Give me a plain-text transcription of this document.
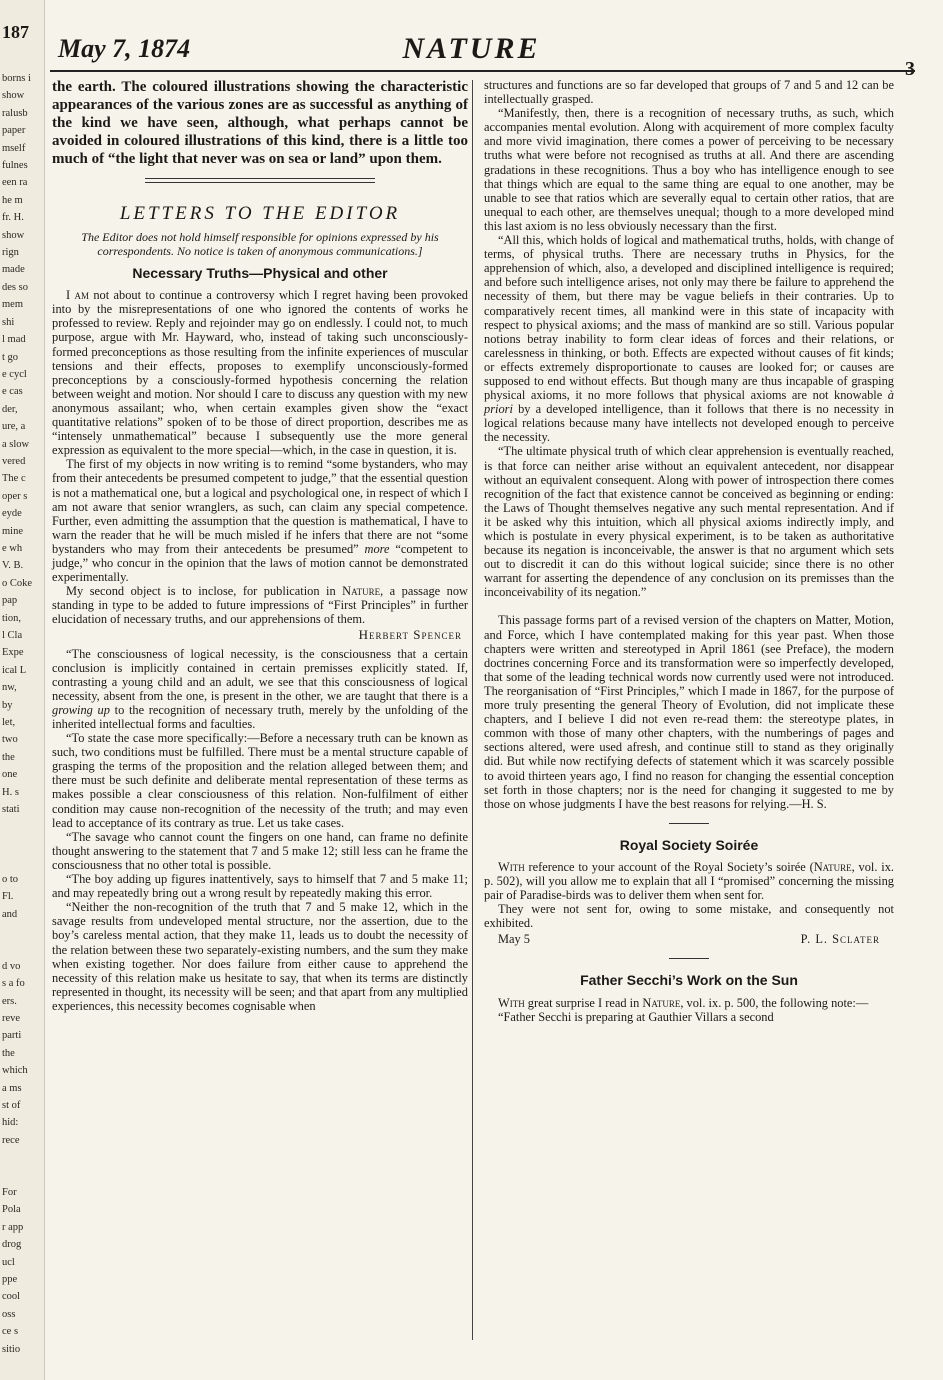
187
borns i
show
ralusb
paper
mself
fulnes
een ra
he m
fr. H.
show
rign
made
des so
mem
shi
l mad
t go
e cycl
e cas
der,
ure, a
a slow
vered
The c
oper s
eyde
mine
e wh
V. B.
o Coke
pap
tion,
l Cla
Expe
ical L
nw,
by
let,
two
the
one
H. s
stati

o to
Fl.
and

d vo
s a fo
ers.
reve
parti
the
which
a ms
st of
hid:
rece

For
Pola
r app
drog
ucl
ppe
cool
oss
ce s
sitio
May 7, 1874	NATURE
3

the earth. The coloured illustrations showing the characteristic appearances of the various zones are as successful as anything of the kind we have seen, although, what perhaps cannot be avoided in coloured illustrations of this kind, there is a little too much of “the light that never was on sea or land” upon them.

LETTERS TO THE EDITOR
The Editor does not hold himself responsible for opinions expressed by his correspondents. No notice is taken of anonymous communications.]
Necessary Truths—Physical and other

I am not about to continue a controversy which I regret having been provoked into by the misrepresentations of one who ignored the contents of works he professed to review. Reply and rejoinder may go on endlessly. I could not, to much purpose, argue with Mr. Hayward, who, instead of taking such unconsciously-formed preconceptions as those resulting from the infinite experiences of muscular tensions and their effects, proposes to exemplify unconsciously-formed preconceptions by a consciously-formed hypothesis concerning the relation between weight and motion. Nor should I care to discuss any question with my new anonymous assailant; who, when certain examples given show the “exact quantitative relations” spoken of to be those of direct proportion, describes me as “intensely unmathematical” because I subsequently use the more general expression as equivalent to the more special—which, in the case in question, it is.

The first of my objects in now writing is to remind “some bystanders, who may from their antecedents be presumed competent to judge,” that the essential question is not a mathematical one, but a logical and psychological one, in respect of which I am not aware that senior wranglers, as such, can claim any special competence. Further, even admitting the assumption that the question is mathematical, I have to warn the reader that he will be much misled if he infers that there are not “some bystanders who may from their antecedents be presumed” more “competent to judge,” who concur in the opinion that the laws of motion cannot be demonstrated experimentally.

My second object is to inclose, for publication in Nature, a passage now standing in type to be added to future impressions of “First Principles” in further elucidation of necessary truths, and our apprehensions of them.

Herbert Spencer

“The consciousness of logical necessity, is the consciousness that a certain conclusion is implicitly contained in certain premisses explicitly stated. If, contrasting a young child and an adult, we see that this consciousness of logical necessity, absent from the one, is present in the other, we are taught that there is a growing up to the recognition of necessary truth, merely by the unfolding of the inherited intellectual forms and faculties.

“To state the case more specifically:—Before a necessary truth can be known as such, two conditions must be fulfilled. There must be a mental structure capable of grasping the terms of the proposition and the relation alleged between them; and there must be such definite and deliberate mental representation of these terms as makes possible a clear consciousness of this relation. Non-fulfilment of either condition may cause non-recognition of the necessity of the truth; and may even lead to acceptance of its contrary as true. Let us take cases.

“The savage who cannot count the fingers on one hand, can frame no definite thought answering to the statement that 7 and 5 make 12; still less can he frame the consciousness that no other total is possible.

“The boy adding up figures inattentively, says to himself that 7 and 5 make 11; and may repeatedly bring out a wrong result by repeatedly making this error.

“Neither the non-recognition of the truth that 7 and 5 make 12, which in the savage results from undeveloped mental structure, nor the assertion, due to the boy’s careless mental action, that they make 11, leads us to doubt the necessity of the relation between these two separately-existing numbers, and the sum they make when existing together. Nor does failure from either cause to apprehend the necessity of this relation make us hesitate to say, that when its terms are distinctly represented in thought, its necessity will be seen; and that apart from any multiplied experiences, this necessity becomes cognisable when

structures and functions are so far developed that groups of 7 and 5 and 12 can be intellectually grasped.

“Manifestly, then, there is a recognition of necessary truths, as such, which accompanies mental evolution. Along with acquirement of more complex faculty and more vivid imagination, there comes a power of perceiving to be necessary truths what were before not recognised as truths at all. And there are ascending gradations in these recognitions. Thus a boy who has intelligence enough to see that things which are equal to the same thing are equal to one another, may be unable to see that ratios which are severally equal to certain other ratios, that are unequal to each other, are themselves unequal; though to a more developed mind this last axiom is no less obviously necessary than the first.

“All this, which holds of logical and mathematical truths, holds, with change of terms, of physical truths. There are necessary truths in Physics, for the apprehension of which, also, a developed and disciplined intelligence is required; and before such intelligence arises, not only may there be failure to apprehend the necessity of them, but there may be vague beliefs in their contraries. Up to comparatively recent times, all mankind were in this state of incapacity with respect to physical axioms; and the mass of mankind are so still. Various popular notions betray inability to form clear ideas of forces and their relations, or carelessness in thinking, or both. Effects are expected without causes of fit kinds; or effects extremely disproportionate to causes are looked for; or causes are supposed to end without effects. But though many are thus incapable of grasping physical axioms, it no more follows that physical axioms are not knowable à priori by a developed intelligence, than it follows that there is no necessity in logical relations because many have intellects not developed enough to perceive the necessity.

“The ultimate physical truth of which clear apprehension is eventually reached, is that force can neither arise without an equivalent antecedent, nor disappear without an equivalent consequent. Along with power of introspection there comes recognition of the fact that existence cannot be conceived as beginning or ending: the Laws of Thought themselves negative any such mental representation. And if it be asked why this intuition, which all physical axioms indirectly imply, and which is postulate in every physical experiment, is to be taken as authoritative because its negation is inconceivable, the answer is that no argument which sets out to discredit it can do this without logical suicide; since there is no other warrant for asserting the dependence of any conclusion on its premisses than the inconceivability of its negation.”

This passage forms part of a revised version of the chapters on Matter, Motion, and Force, which I have contemplated making for this year past. When those chapters were written and stereotyped in April 1861 (see Preface), the modern doctrines concerning Force and its transformation were so imperfectly developed, that some of the leading technical words now currently used were not introduced. The reorganisation of “First Principles,” which I made in 1867, for the purpose of more truly presenting the general Theory of Evolution, did not implicate these chapters, and I believe I did not even re-read them: the stereotype plates, in common with those of many other chapters, with the numberings of pages and sections altered, were used afresh, and continue still to stand as they originally did. But while now rectifying defects of statement which it was scarcely possible to avoid thirteen years ago, I find no reason for changing the essential conception set forth in those chapters; nor is the need for changing it suggested to me by those on whose judgments I have the best reasons for relying.—H. S.

Royal Society Soirée

With reference to your account of the Royal Society’s soirée (Nature, vol. ix. p. 502), will you allow me to explain that all I “promised” concerning the missing pair of Paradise-birds was to deliver them when sent for.

They were not sent for, owing to some mistake, and consequently not exhibited.

May 5	P. L. Sclater
Father Secchi’s Work on the Sun

With great surprise I read in Nature, vol. ix. p. 500, the following note:—

“Father Secchi is preparing at Gauthier Villars a second
